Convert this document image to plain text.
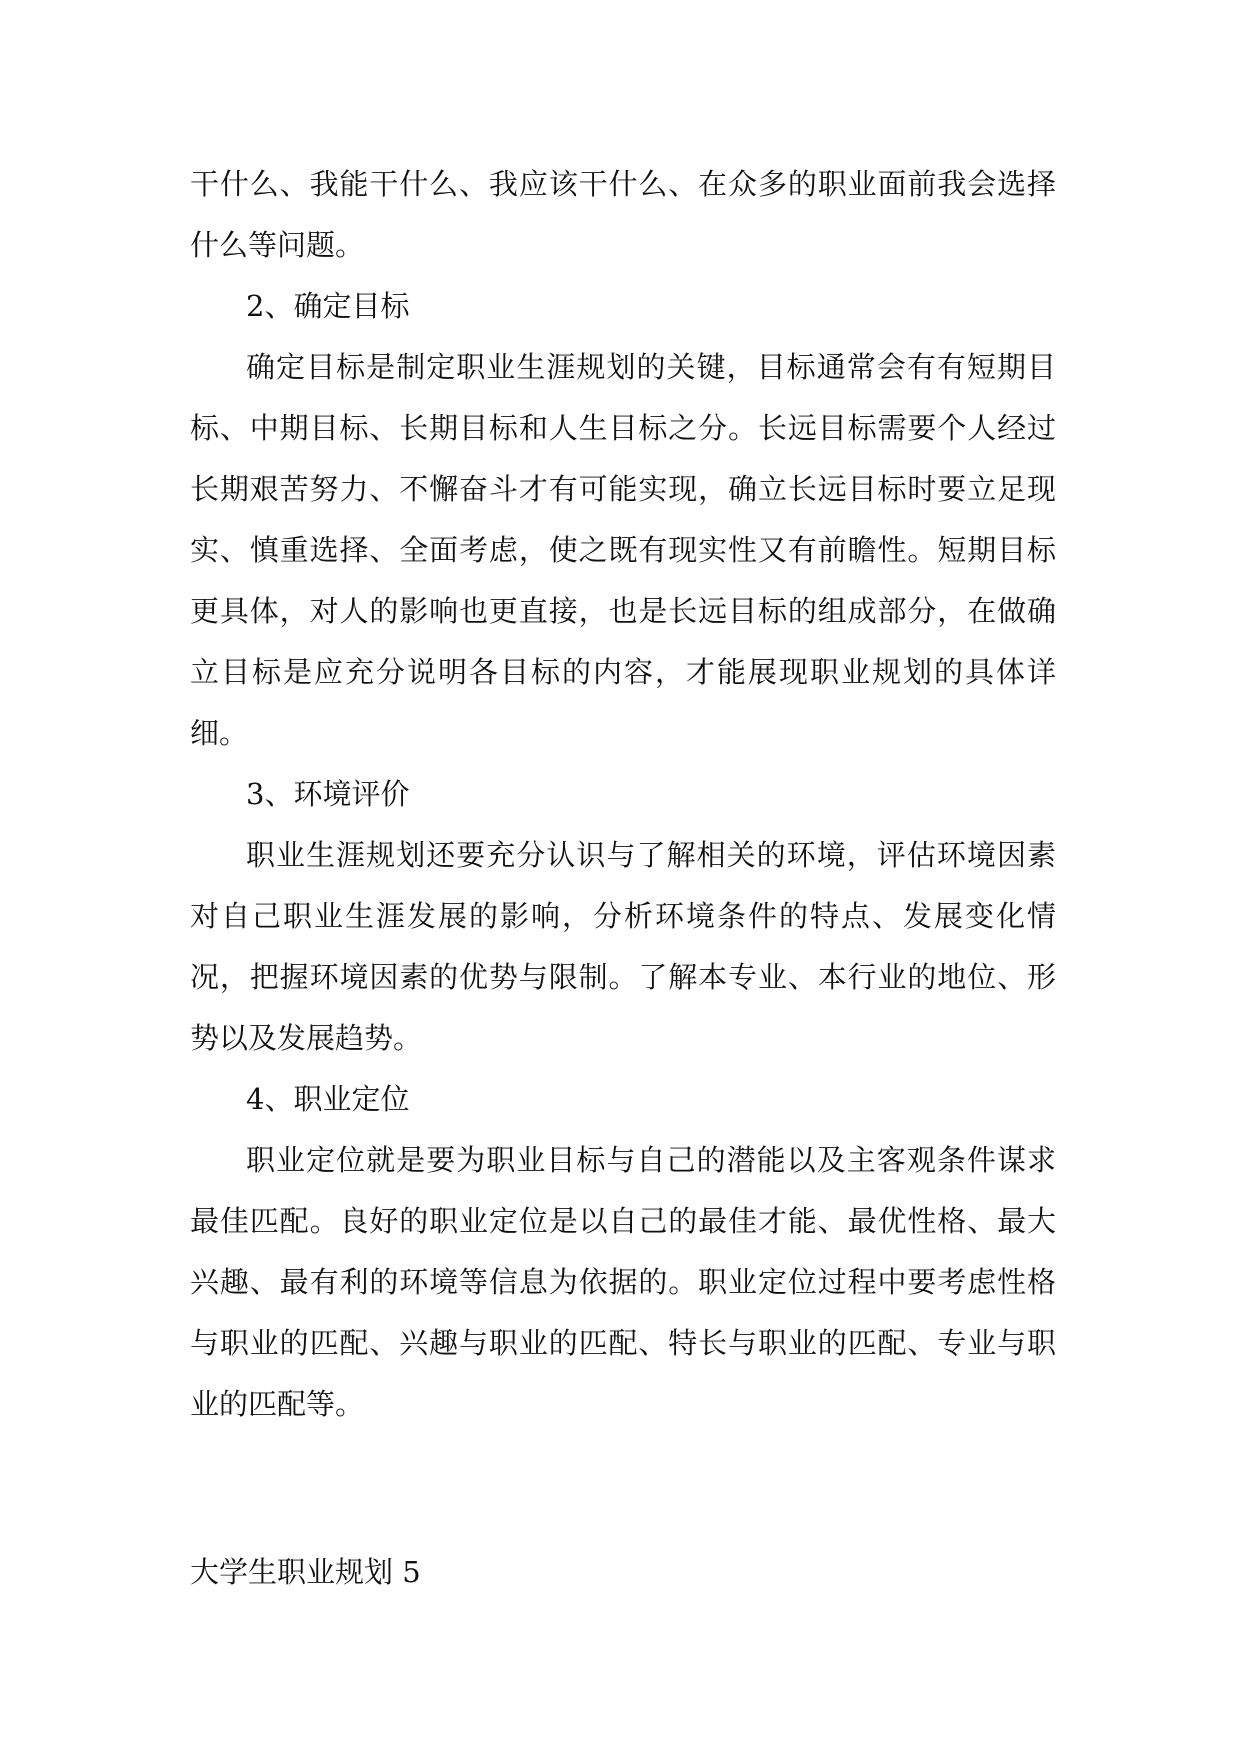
干什么、我能干什么、我应该干什么、在众多的职业面前我会选择什么等问题。

2、确定目标

确定目标是制定职业生涯规划的关键，目标通常会有有短期目标、中期目标、长期目标和人生目标之分。长远目标需要个人经过长期艰苦努力、不懈奋斗才有可能实现，确立长远目标时要立足现实、慎重选择、全面考虑，使之既有现实性又有前瞻性。短期目标更具体，对人的影响也更直接，也是长远目标的组成部分，在做确立目标是应充分说明各目标的内容，才能展现职业规划的具体详细。

3、环境评价

职业生涯规划还要充分认识与了解相关的环境，评估环境因素对自己职业生涯发展的影响，分析环境条件的特点、发展变化情况，把握环境因素的优势与限制。了解本专业、本行业的地位、形势以及发展趋势。

4、职业定位

职业定位就是要为职业目标与自己的潜能以及主客观条件谋求最佳匹配。良好的职业定位是以自己的最佳才能、最优性格、最大兴趣、最有利的环境等信息为依据的。职业定位过程中要考虑性格与职业的匹配、兴趣与职业的匹配、特长与职业的匹配、专业与职业的匹配等。

大学生职业规划 5
